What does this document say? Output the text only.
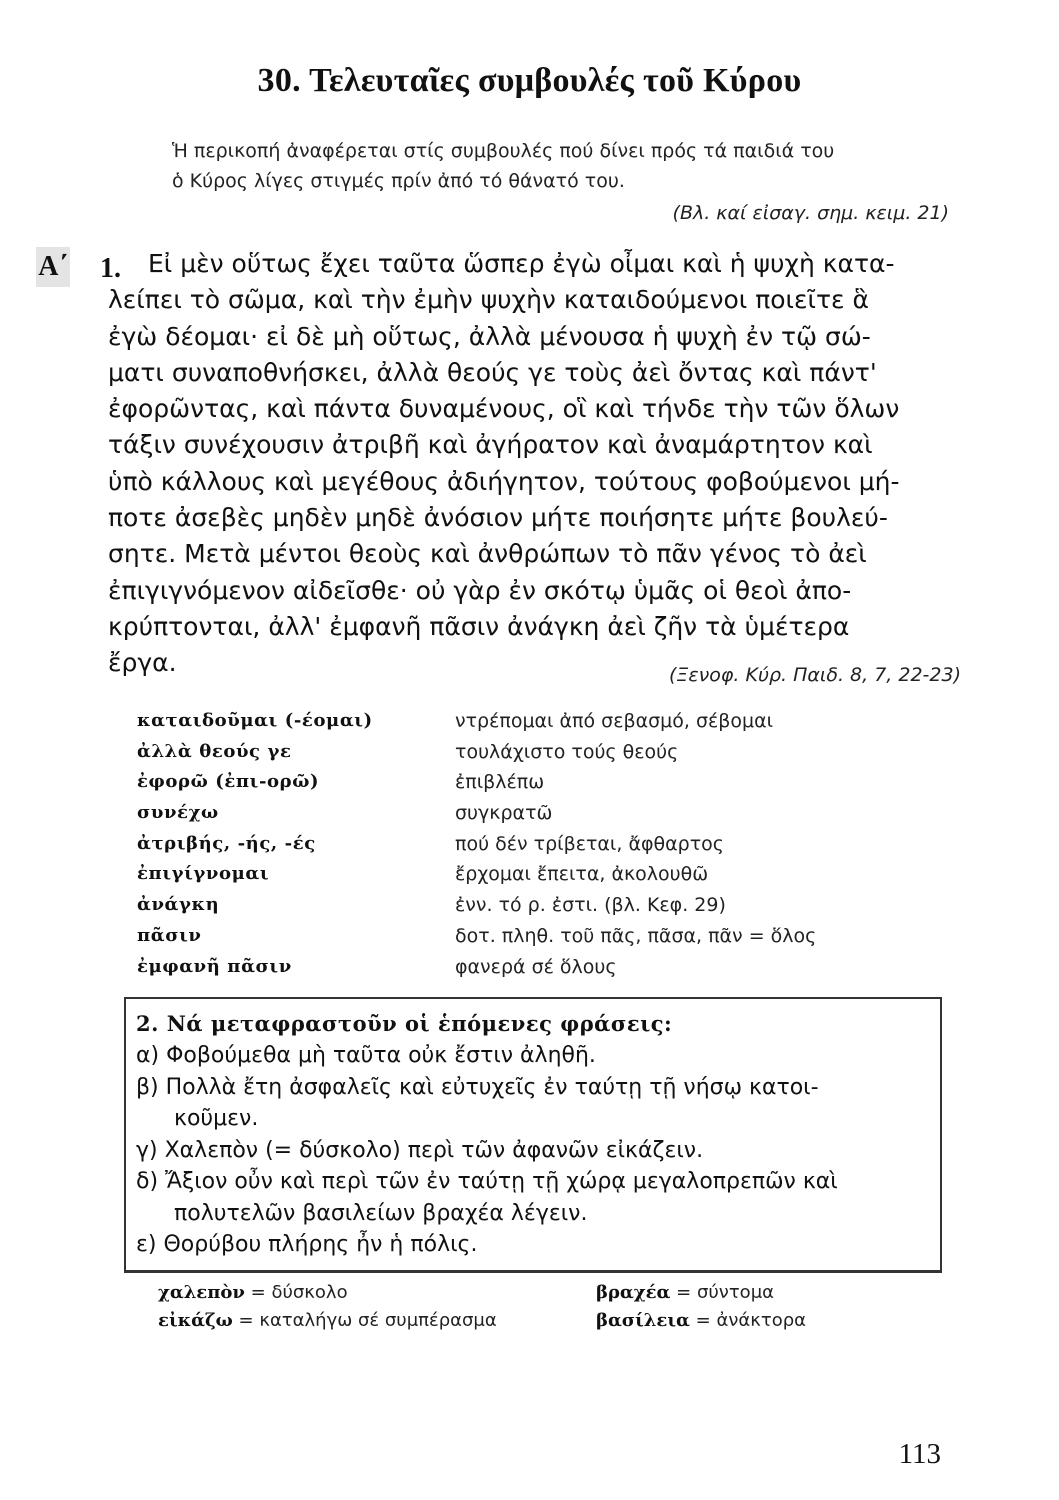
30. Τελευταῖες συμβουλές τοῦ Κύρου
Ἡ περικοπή ἀναφέρεται στίς συμβουλές πού δίνει πρός τά παιδιά του
ὁ Κύρος λίγες στιγμές πρίν ἀπό τό θάνατό του.
(Βλ. καί εἰσαγ. σημ. κειμ. 21)
Α΄ 1.	Εἰ μὲν οὕτως ἔχει ταῦτα ὥσπερ ἐγὼ οἶμαι καὶ ἡ ψυχὴ κατα-
λείπει τὸ σῶμα, καὶ τὴν ἐμὴν ψυχὴν καταιδούμενοι ποιεῖτε ἃ
ἐγὼ δέομαι· εἰ δὲ μὴ οὕτως, ἀλλὰ μένουσα ἡ ψυχὴ ἐν τῷ σώ-
ματι συναποθνήσκει, ἀλλὰ θεούς γε τοὺς ἀεὶ ὄντας καὶ πάντ'
ἐφορῶντας, καὶ πάντα δυναμένους, οἳ καὶ τήνδε τὴν τῶν ὅλων
τάξιν συνέχουσιν ἀτριβῆ καὶ ἀγήρατον καὶ ἀναμάρτητον καὶ
ὑπὸ κάλλους καὶ μεγέθους ἀδιήγητον, τούτους φοβούμενοι μή-
ποτε ἀσεβὲς μηδὲν μηδὲ ἀνόσιον μήτε ποιήσητε μήτε βουλεύ-
σητε. Μετὰ μέντοι θεοὺς καὶ ἀνθρώπων τὸ πᾶν γένος τὸ ἀεὶ
ἐπιγιγνόμενον αἰδεῖσθε· οὐ γὰρ ἐν σκότῳ ὑμᾶς οἱ θεοὶ ἀπο-
κρύπτονται, ἀλλ' ἐμφανῆ πᾶσιν ἀνάγκη ἀεὶ ζῆν τὰ ὑμέτερα
ἔργα.	(Ξενοφ. Κύρ. Παιδ. 8, 7, 22-23)
καταιδοῦμαι (-έομαι)	ντρέπομαι ἀπό σεβασμό, σέβομαι
ἀλλὰ θεούς γε	τουλάχιστο τούς θεούς
ἐφορῶ (ἐπι-ορῶ)	ἐπιβλέπω
συνέχω	συγκρατῶ
ἀτριβής, -ής, -ές	πού δέν τρίβεται, ἄφθαρτος
ἐπιγίγνομαι	ἔρχομαι ἔπειτα, ἀκολουθῶ
ἀνάγκη	ἐνν. τό ρ. ἐστι. (βλ. Κεφ. 29)
πᾶσιν	δοτ. πληθ. τοῦ πᾶς, πᾶσα, πᾶν = ὅλος
ἐμφανῆ πᾶσιν	φανερά σέ ὅλους
2. Νά μεταφραστοῦν οἱ ἑπόμενες φράσεις:
α) Φοβούμεθα μὴ ταῦτα οὐκ ἔστιν ἀληθῆ.
β) Πολλὰ ἔτη ἀσφαλεῖς καὶ εὐτυχεῖς ἐν ταύτῃ τῇ νήσῳ κατοι-
κοῦμεν.
γ) Χαλεπὸν (= δύσκολο) περὶ τῶν ἀφανῶν εἰκάζειν.
δ) Ἄξιον οὖν καὶ περὶ τῶν ἐν ταύτῃ τῇ χώρᾳ μεγαλοπρεπῶν καὶ
πολυτελῶν βασιλείων βραχέα λέγειν.
ε) Θορύβου πλήρης ἦν ἡ πόλις.
χαλεπὸν = δύσκολο	βραχέα = σύντομα
εἰκάζω = καταλήγω σέ συμπέρασμα	βασίλεια = ἀνάκτορα
113
